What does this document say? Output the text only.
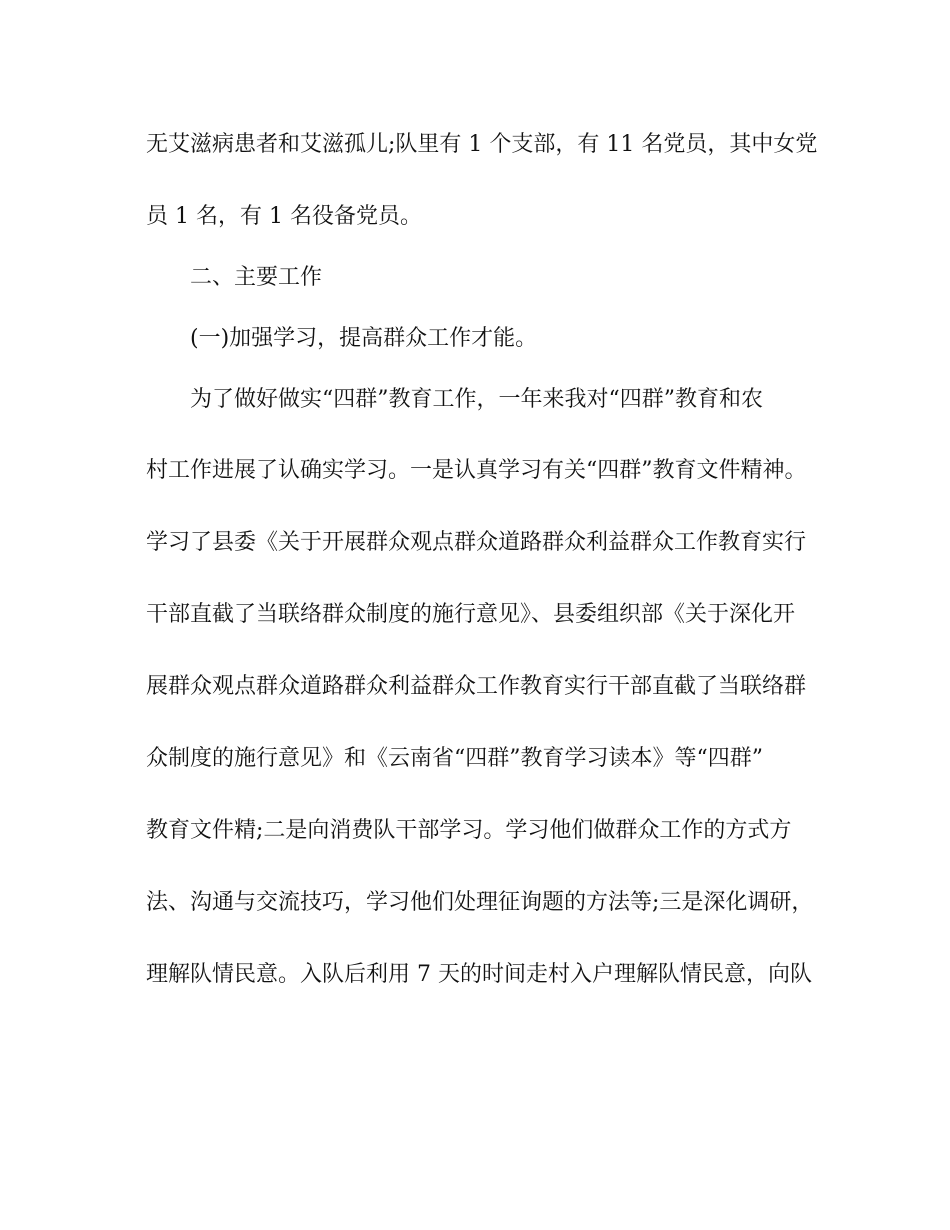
无艾滋病患者和艾滋孤儿;队里有 1 个支部，有 11 名党员，其中女党
员 1 名，有 1 名役备党员。
二、主要工作
(一)加强学习，提高群众工作才能。
为了做好做实“四群”教育工作，一年来我对“四群”教育和农
村工作进展了认确实学习。一是认真学习有关“四群”教育文件精神。
学习了县委《关于开展群众观点群众道路群众利益群众工作教育实行
干部直截了当联络群众制度的施行意见》、县委组织部《关于深化开
展群众观点群众道路群众利益群众工作教育实行干部直截了当联络群
众制度的施行意见》和《云南省“四群”教育学习读本》等“四群”
教育文件精;二是向消费队干部学习。学习他们做群众工作的方式方
法、沟通与交流技巧，学习他们处理征询题的方法等;三是深化调研，
理解队情民意。入队后利用 7 天的时间走村入户理解队情民意，向队
